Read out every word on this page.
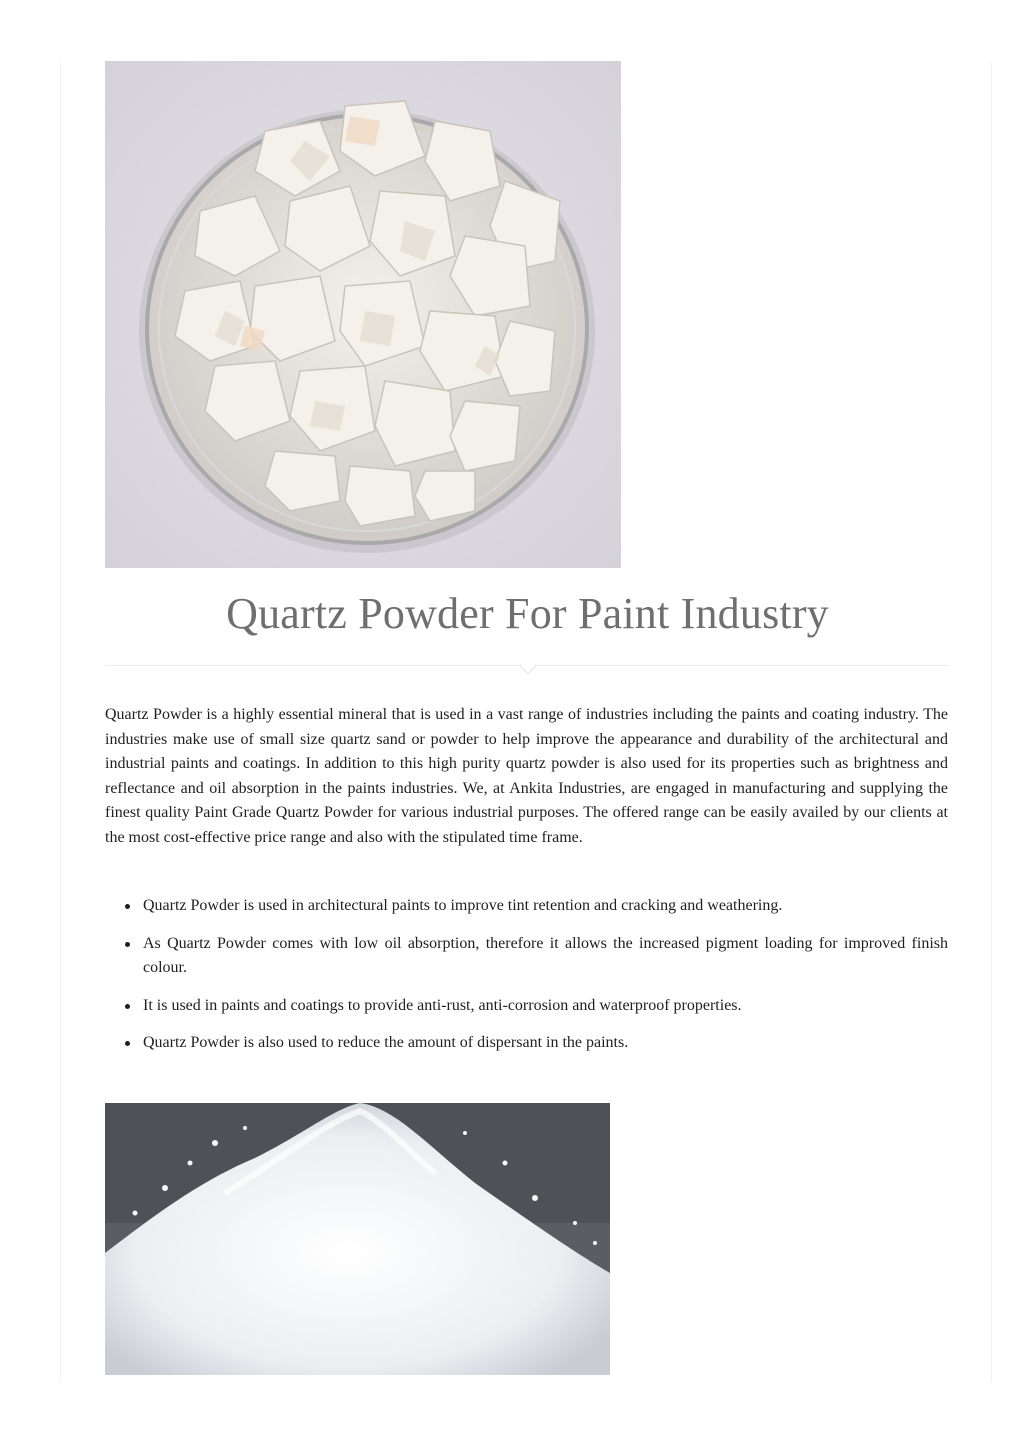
Quartz Powder For Paint Industry

Quartz Powder is a highly essential mineral that is used in a vast range of industries including the paints and coating industry. The industries make use of small size quartz sand or powder to help improve the appearance and durability of the architectural and industrial paints and coatings. In addition to this high purity quartz powder is also used for its properties such as brightness and reflectance and oil absorption in the paints industries. We, at Ankita Industries, are engaged in manufacturing and supplying the finest quality Paint Grade Quartz Powder for various industrial purposes. The offered range can be easily availed by our clients at the most cost-effective price range and also with the stipulated time frame.

Quartz Powder is used in architectural paints to improve tint retention and cracking and weathering.
As Quartz Powder comes with low oil absorption, therefore it allows the increased pigment loading for improved finish colour.
It is used in paints and coatings to provide anti-rust, anti-corrosion and waterproof properties.
Quartz Powder is also used to reduce the amount of dispersant in the paints.
